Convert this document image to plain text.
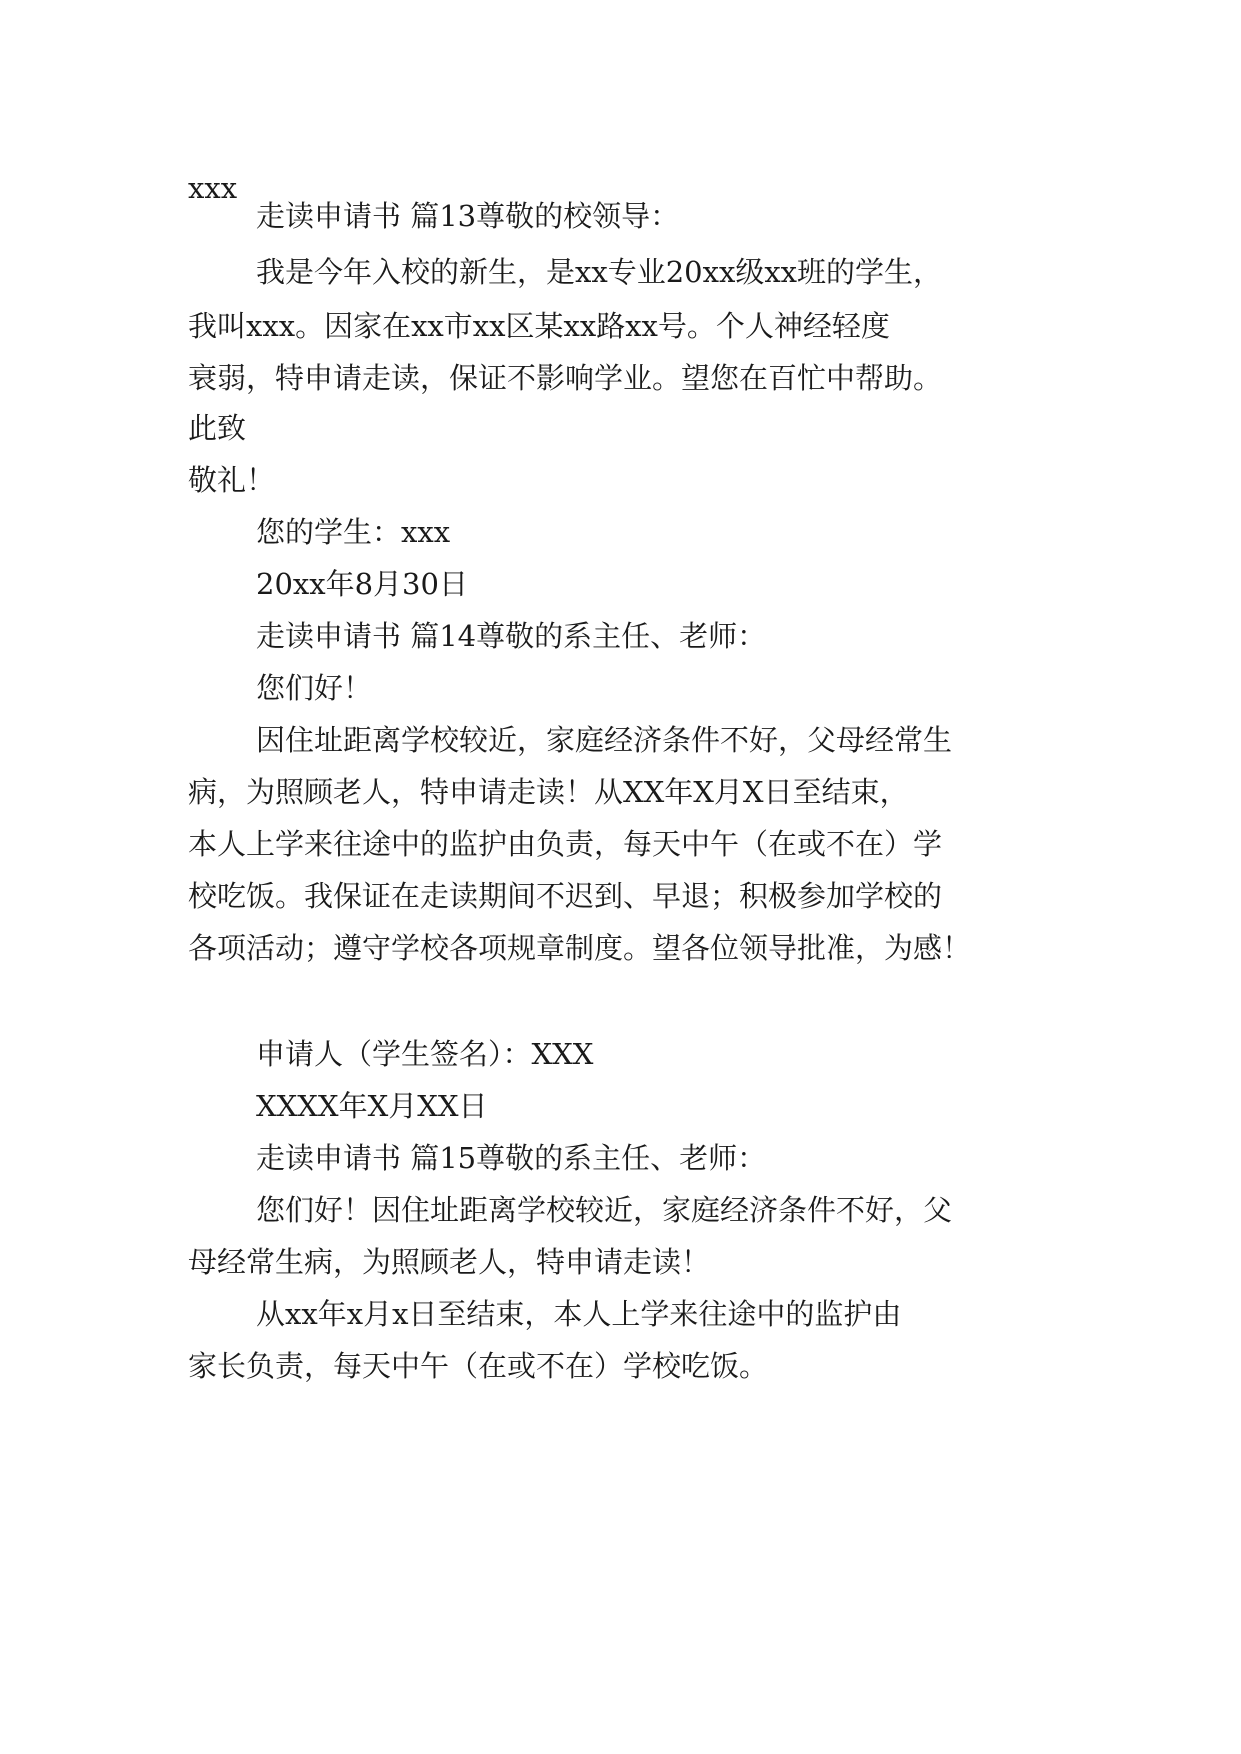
xxx
走读申请书 篇13尊敬的校领导：
我是今年入校的新生，是xx专业20xx级xx班的学生，
我叫xxx。因家在xx市xx区某xx路xx号。个人神经轻度
衰弱，特申请走读，保证不影响学业。望您在百忙中帮助。
此致
敬礼！
您的学生：xxx
20xx年8月30日
走读申请书 篇14尊敬的系主任、老师：
您们好！
因住址距离学校较近，家庭经济条件不好，父母经常生
病，为照顾老人，特申请走读！从XX年X月X日至结束，
本人上学来往途中的监护由负责，每天中午（在或不在）学
校吃饭。我保证在走读期间不迟到、早退；积极参加学校的
各项活动；遵守学校各项规章制度。望各位领导批准，为感！
申请人（学生签名）：XXX
XXXX年X月XX日
走读申请书 篇15尊敬的系主任、老师：
您们好！因住址距离学校较近，家庭经济条件不好，父
母经常生病，为照顾老人，特申请走读！
从xx年x月x日至结束，本人上学来往途中的监护由
家长负责，每天中午（在或不在）学校吃饭。
